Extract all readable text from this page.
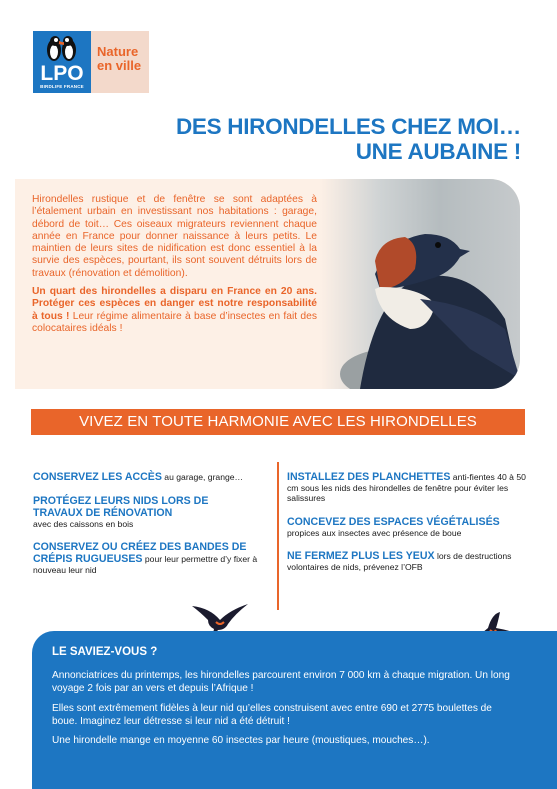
LPO
BIRDLIFE FRANCE
Nature
en ville
DES HIRONDELLES CHEZ MOI…
UNE AUBAINE !

Hirondelles rustique et de fenêtre se sont adaptées à l’étalement urbain en investissant nos habitations : garage, débord de toit… Ces oiseaux migrateurs reviennent chaque année en France pour donner naissance à leurs petits. Le maintien de leurs sites de nidification est donc essentiel à la survie des espèces, pourtant, ils sont souvent détruits lors de travaux (rénovation et démolition).

Un quart des hirondelles a disparu en France en 20 ans. Protéger ces espèces en danger est notre responsabilité à tous ! Leur régime alimentaire à base d’insectes en fait des colocataires idéals !

VIVEZ EN TOUTE HARMONIE AVEC LES HIRONDELLES
CONSERVEZ LES ACCÈS au garage, grange…
PROTÉGEZ LEURS NIDS LORS DE TRAVAUX DE RÉNOVATION
avec des caissons en bois
CONSERVEZ OU CRÉEZ DES BANDES DE CRÉPIS RUGUEUSES pour leur permettre d’y fixer à nouveau leur nid
INSTALLEZ DES PLANCHETTES anti-fientes 40 à 50 cm sous les nids des hirondelles de fenêtre pour éviter les salissures
CONCEVEZ DES ESPACES VÉGÉTALISÉS
propices aux insectes avec présence de boue
NE FERMEZ PLUS LES YEUX lors de destructions volontaires de nids, prévenez l’OFB
LE SAVIEZ-VOUS ?

Annonciatrices du printemps, les hirondelles parcourent environ 7 000 km à chaque migration. Un long voyage 2 fois par an vers et depuis l’Afrique !

Elles sont extrêmement fidèles à leur nid qu’elles construisent avec entre 690 et 2775 boulettes de boue. Imaginez leur détresse si leur nid a été détruit !

Une hirondelle mange en moyenne 60 insectes par heure (moustiques, mouches…).
